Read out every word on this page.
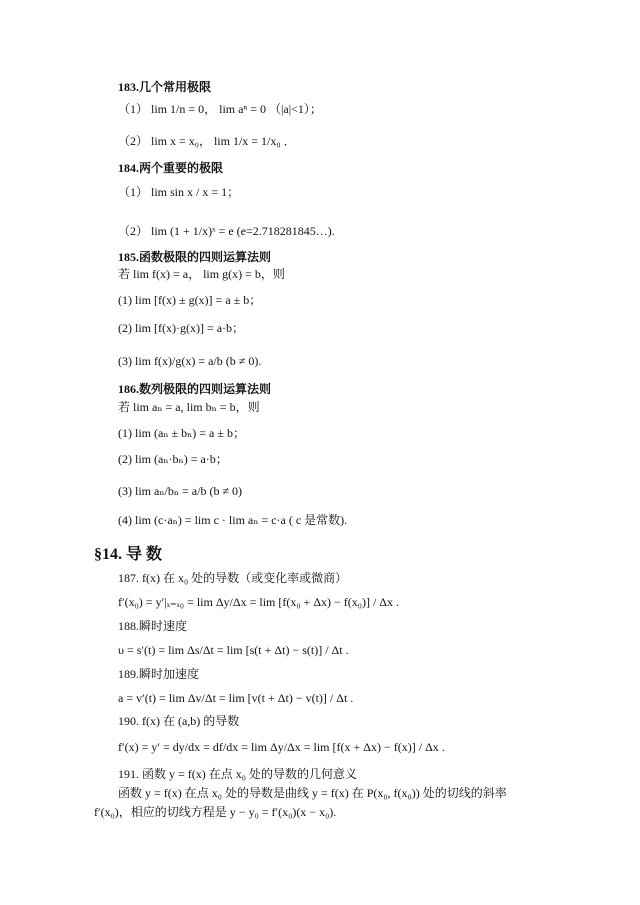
183.几个常用极限
（1） lim 1/n = 0， lim aⁿ = 0 （|a|<1）；
（2） lim x = x₀， lim 1/x = 1/x₀ ．
184.两个重要的极限
（1） lim sin x / x = 1；
（2） lim (1 + 1/x)ˣ = e (e=2.718281845…).
185.函数极限的四则运算法则
若 lim f(x) = a， lim g(x) = b，则
(1) lim [f(x) ± g(x)] = a ± b；
(2) lim [f(x)·g(x)] = a·b；
(3) lim f(x)/g(x) = a/b (b ≠ 0).
186.数列极限的四则运算法则
若 lim aₙ = a, lim bₙ = b，则
(1) lim (aₙ ± bₙ) = a ± b；
(2) lim (aₙ·bₙ) = a·b；
(3) lim aₙ/bₙ = a/b (b ≠ 0)
(4) lim (c·aₙ) = lim c · lim aₙ = c·a ( c 是常数).

§14. 导 数
187. f(x) 在 x₀ 处的导数（或变化率或微商）
f′(x₀) = y′|ₓ₌ₓ₀ = lim Δy/Δx = lim [f(x₀ + Δx) − f(x₀)] / Δx .
188.瞬时速度
υ = s′(t) = lim Δs/Δt = lim [s(t + Δt) − s(t)] / Δt .
189.瞬时加速度
a = v′(t) = lim Δv/Δt = lim [v(t + Δt) − v(t)] / Δt .
190. f(x) 在 (a,b) 的导数
f′(x) = y′ = dy/dx = df/dx = lim Δy/Δx = lim [f(x + Δx) − f(x)] / Δx .
191. 函数 y = f(x) 在点 x₀ 处的导数的几何意义
函数 y = f(x) 在点 x₀ 处的导数是曲线 y = f(x) 在 P(x₀, f(x₀)) 处的切线的斜率
f′(x₀)，相应的切线方程是 y − y₀ = f′(x₀)(x − x₀).
